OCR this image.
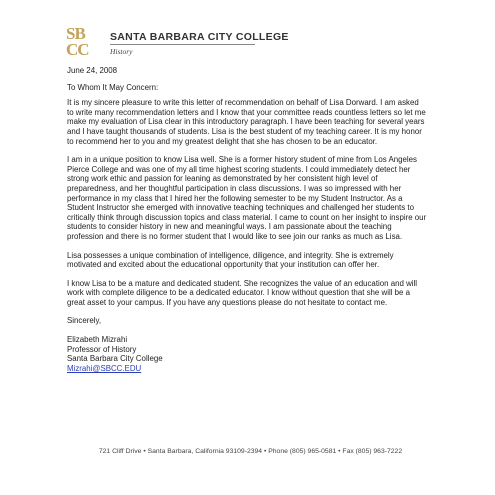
SB
CC
SANTA BARBARA CITY COLLEGE
History

June 24, 2008

To Whom It May Concern:

It is my sincere pleasure to write this letter of recommendation on behalf of Lisa Dorward. I am asked to write many recommendation letters and I know that your committee reads countless letters so let me make my evaluation of Lisa clear in this introductory paragraph. I have been teaching for several years and I have taught thousands of students. Lisa is the best student of my teaching career. It is my honor to recommend her to you and my greatest delight that she has chosen to be an educator.

I am in a unique position to know Lisa well. She is a former history student of mine from Los Angeles Pierce College and was one of my all time highest scoring students. I could immediately detect her strong work ethic and passion for leaning as demonstrated by her consistent high level of preparedness, and her thoughtful participation in class discussions. I was so impressed with her performance in my class that I hired her the following semester to be my Student Instructor. As a Student Instructor she emerged with innovative teaching techniques and challenged her students to critically think through discussion topics and class material. I came to count on her insight to inspire our students to consider history in new and meaningful ways. I am passionate about the teaching profession and there is no former student that I would like to see join our ranks as much as Lisa.

Lisa possesses a unique combination of intelligence, diligence, and integrity. She is extremely motivated and excited about the educational opportunity that your institution can offer her.

I know Lisa to be a mature and dedicated student. She recognizes the value of an education and will work with complete diligence to be a dedicated educator. I know without question that she will be a great asset to your campus. If you have any questions please do not hesitate to contact me.

Sincerely,

Elizabeth Mizrahi
Professor of History
Santa Barbara City College
Mizrahi@SBCC.EDU
721 Cliff Drive • Santa Barbara, California 93109-2394 • Phone (805) 965-0581 • Fax (805) 963-7222
